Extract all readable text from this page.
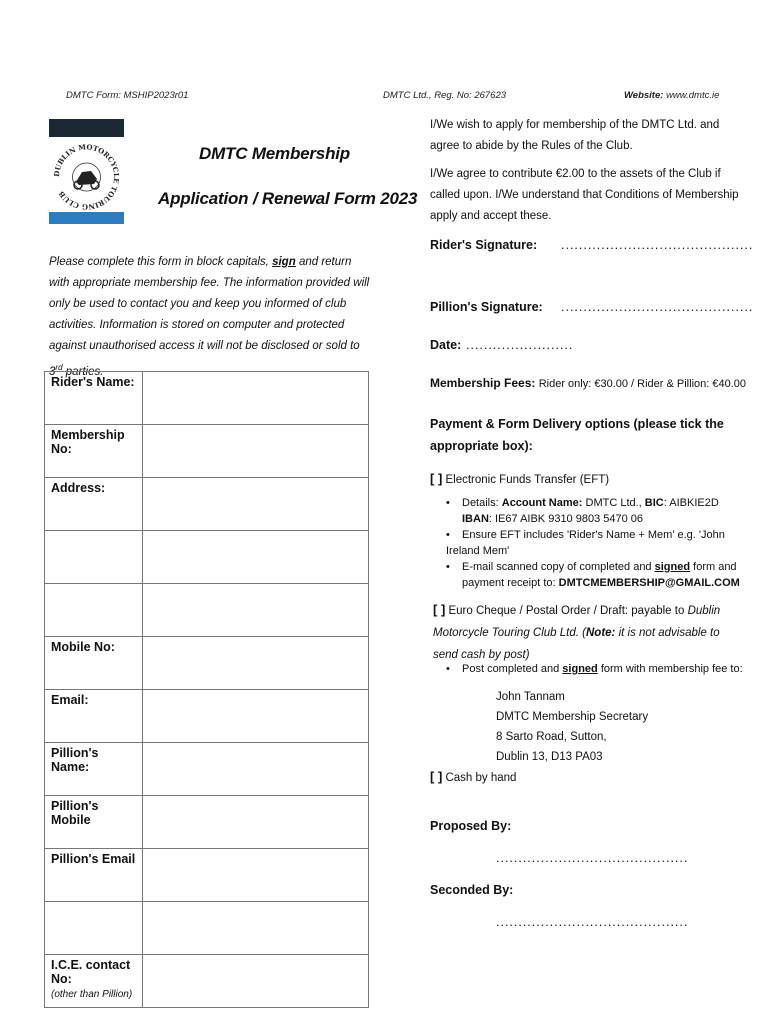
DMTC Form: MSHIP2023r01	DMTC Ltd., Reg. No: 267623	Website: www.dmtc.ie
DUBLIN MOTORCYCLE TOURING CLUB
DMTC Membership
Application / Renewal Form 2023
Please complete this form in block capitals, sign and return with appropriate membership fee. The information provided will only be used to contact you and keep you informed of club activities. Information is stored on computer and protected against unauthorised access it will not be disclosed or sold to 3rd parties.
Rider's Name:	
Membership No:	
Address:	

Mobile No:	
Email:	
Pillion's Name:	
Pillion's Mobile	
Pillion's Email	

I.C.E. contact No:
(other than Pillion)	

I/We wish to apply for membership of the DMTC Ltd. and agree to abide by the Rules of the Club.
I/We agree to contribute €2.00 to the assets of the Club if called upon. I/We understand that Conditions of Membership apply and accept these.
Rider's Signature: ...........................................
Pillion's Signature: ...........................................
Date: ........................
Membership Fees: Rider only: €30.00 / Rider & Pillion: €40.00
Payment & Form Delivery options (please tick the appropriate box):
[ ] Electronic Funds Transfer (EFT)
• Details: Account Name: DMTC Ltd., BIC: AIBKIE2D
IBAN: IE67 AIBK 9310 9803 5470 06
• Ensure EFT includes 'Rider's Name + Mem' e.g. 'John Ireland Mem'
•	E-mail scanned copy of completed and signed form and payment receipt to: DMTCMEMBERSHIP@GMAIL.COM
[ ] Euro Cheque / Postal Order / Draft: payable to Dublin Motorcycle Touring Club Ltd. (Note: it is not advisable to send cash by post)
• Post completed and signed form with membership fee to:
John Tannam
DMTC Membership Secretary
8 Sarto Road, Sutton,
Dublin 13, D13 PA03
[ ] Cash by hand
Proposed By:
...........................................
Seconded By:
...........................................
